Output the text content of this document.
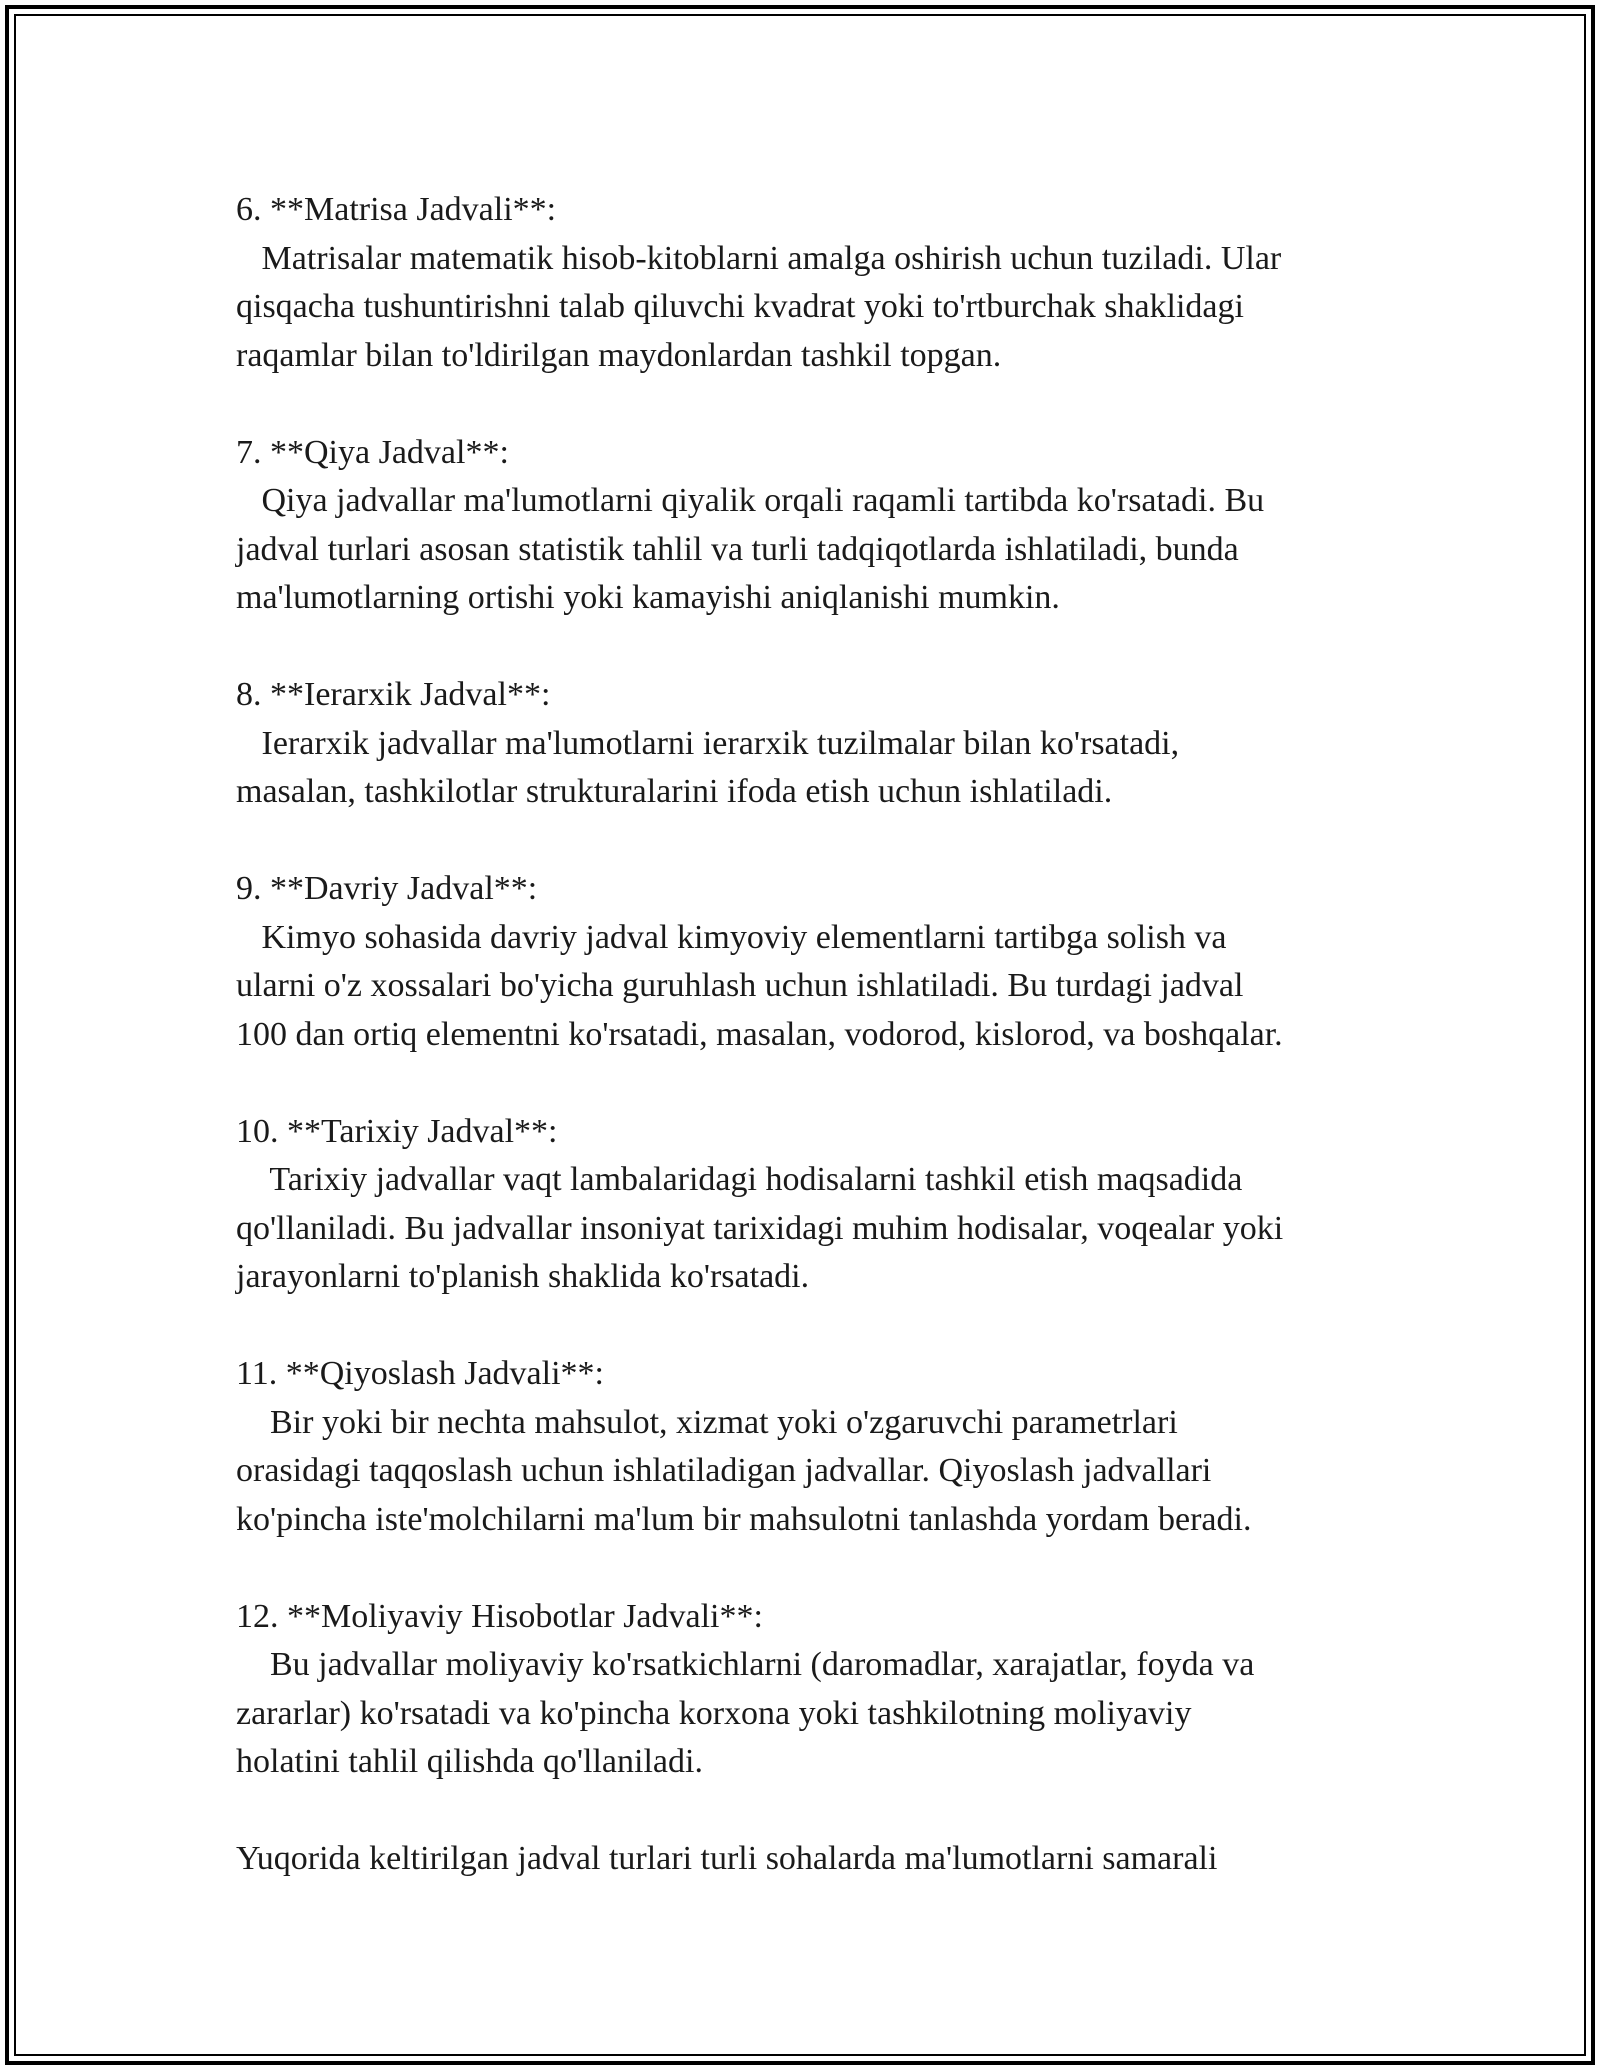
6. **Matrisa Jadvali**:
Matrisalar matematik hisob-kitoblarni amalga oshirish uchun tuziladi. Ular
qisqacha tushuntirishni talab qiluvchi kvadrat yoki to'rtburchak shaklidagi
raqamlar bilan to'ldirilgan maydonlardan tashkil topgan.
7. **Qiya Jadval**:
Qiya jadvallar ma'lumotlarni qiyalik orqali raqamli tartibda ko'rsatadi. Bu
jadval turlari asosan statistik tahlil va turli tadqiqotlarda ishlatiladi, bunda
ma'lumotlarning ortishi yoki kamayishi aniqlanishi mumkin.
8. **Ierarxik Jadval**:
Ierarxik jadvallar ma'lumotlarni ierarxik tuzilmalar bilan ko'rsatadi,
masalan, tashkilotlar strukturalarini ifoda etish uchun ishlatiladi.
9. **Davriy Jadval**:
Kimyo sohasida davriy jadval kimyoviy elementlarni tartibga solish va
ularni o'z xossalari bo'yicha guruhlash uchun ishlatiladi. Bu turdagi jadval
100 dan ortiq elementni ko'rsatadi, masalan, vodorod, kislorod, va boshqalar.
10. **Tarixiy Jadval**:
Tarixiy jadvallar vaqt lambalaridagi hodisalarni tashkil etish maqsadida
qo'llaniladi. Bu jadvallar insoniyat tarixidagi muhim hodisalar, voqealar yoki
jarayonlarni to'planish shaklida ko'rsatadi.
11. **Qiyoslash Jadvali**:
Bir yoki bir nechta mahsulot, xizmat yoki o'zgaruvchi parametrlari
orasidagi taqqoslash uchun ishlatiladigan jadvallar. Qiyoslash jadvallari
ko'pincha iste'molchilarni ma'lum bir mahsulotni tanlashda yordam beradi.
12. **Moliyaviy Hisobotlar Jadvali**:
Bu jadvallar moliyaviy ko'rsatkichlarni (daromadlar, xarajatlar, foyda va
zararlar) ko'rsatadi va ko'pincha korxona yoki tashkilotning moliyaviy
holatini tahlil qilishda qo'llaniladi.

Yuqorida keltirilgan jadval turlari turli sohalarda ma'lumotlarni samarali
